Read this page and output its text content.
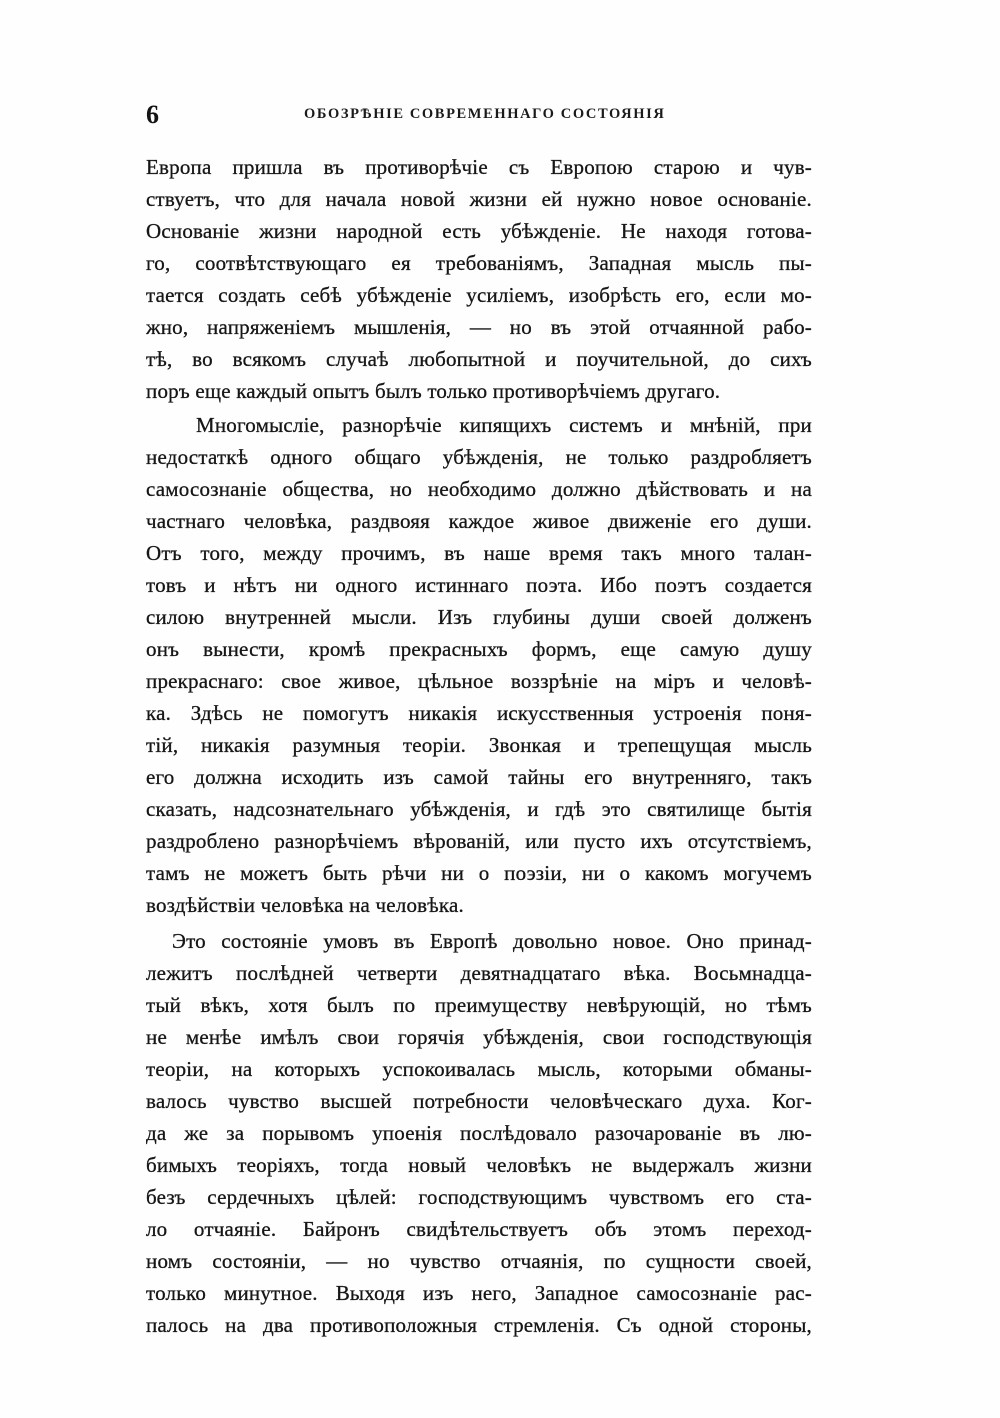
6	ОБОЗРѢНІЕ СОВРЕМЕННАГО СОСТОЯНІЯ
Европа пришла въ противорѣчіе съ Европою старою и чув-
ствуетъ, что для начала новой жизни ей нужно новое основаніе.
Основаніе жизни народной есть убѣжденіе. Не находя готова-
го, соотвѣтствующаго ея требованіямъ, Западная мысль пы-
тается создать себѣ убѣжденіе усиліемъ, изобрѣсть его, если мо-
жно, напряженіемъ мышленія, — но въ этой отчаянной рабо-
тѣ, во всякомъ случаѣ любопытной и поучительной, до сихъ
поръ еще каждый опытъ былъ только противорѣчіемъ другаго.
Многомысліе, разнорѣчіе кипящихъ системъ и мнѣній, при
недостаткѣ одного общаго убѣжденія, не только раздробляетъ
самосознаніе общества, но необходимо должно дѣйствовать и на
частнаго человѣка, раздвояя каждое живое движеніе его души.
Отъ того, между прочимъ, въ наше время такъ много талан-
товъ и нѣтъ ни одного истиннаго поэта. Ибо поэтъ создается
силою внутренней мысли. Изъ глубины души своей долженъ
онъ вынести, кромѣ прекрасныхъ формъ, еще самую душу
прекраснаго: свое живое, цѣльное воззрѣніе на міръ и человѣ-
ка. Здѣсь не помогутъ никакія искусственныя устроенія поня-
тій, никакія разумныя теоріи. Звонкая и трепещущая мысль
его должна исходить изъ самой тайны его внутренняго, такъ
сказать, надсознательнаго убѣжденія, и гдѣ это святилище бытія
раздроблено разнорѣчіемъ вѣрованій, или пусто ихъ отсутствіемъ,
тамъ не можетъ быть рѣчи ни о поэзіи, ни о какомъ могучемъ
воздѣйствіи человѣка на человѣка.
Это состояніе умовъ въ Европѣ довольно новое. Оно принад-
лежитъ послѣдней четверти девятнадцатаго вѣка. Восьмнадца-
тый вѣкъ, хотя былъ по преимуществу невѣрующій, но тѣмъ
не менѣе имѣлъ свои горячія убѣжденія, свои господствующія
теоріи, на которыхъ успокоивалась мысль, которыми обманы-
валось чувство высшей потребности человѣческаго духа. Ког-
да же за порывомъ упоенія послѣдовало разочарованіе въ лю-
бимыхъ теоріяхъ, тогда новый человѣкъ не выдержалъ жизни
безъ сердечныхъ цѣлей: господствующимъ чувствомъ его ста-
ло отчаяніе. Байронъ свидѣтельствуетъ объ этомъ переход-
номъ состояніи, — но чувство отчаянія, по сущности своей,
только минутное. Выходя изъ него, Западное самосознаніе рас-
палось на два противоположныя стремленія. Съ одной стороны,
